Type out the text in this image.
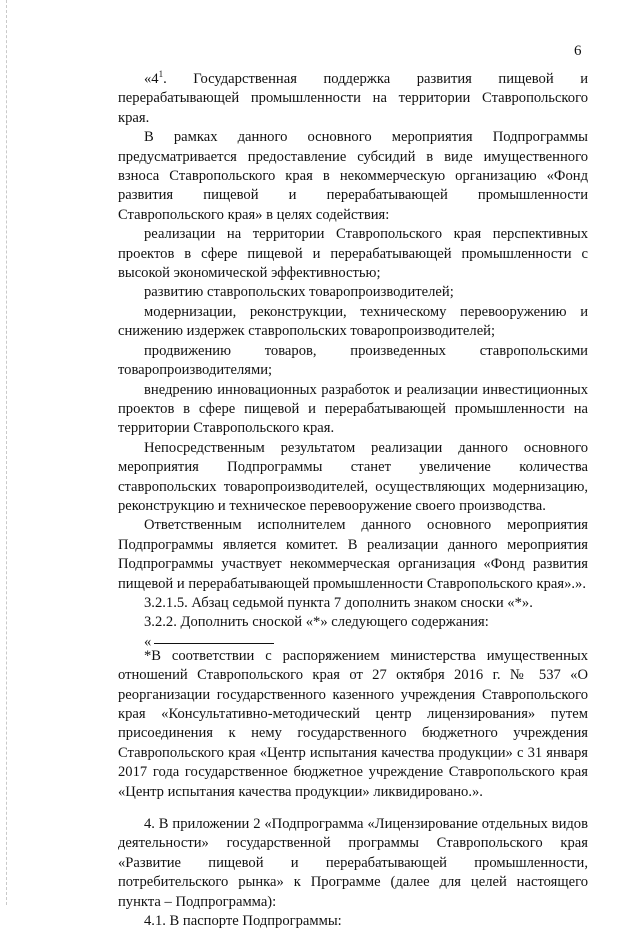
6

«$4^1$. Государственная поддержка развития пищевой и перерабатывающей промышленности на территории Ставропольского края.

В рамках данного основного мероприятия Подпрограммы предусматривается предоставление субсидий в виде имущественного взноса Ставропольского края в некоммерческую организацию «Фонд развития пищевой и перерабатывающей промышленности Ставропольского края» в целях содействия:

реализации на территории Ставропольского края перспективных проектов в сфере пищевой и перерабатывающей промышленности с высокой экономической эффективностью;

развитию ставропольских товаропроизводителей;

модернизации, реконструкции, техническому перевооружению и снижению издержек ставропольских товаропроизводителей;

продвижению товаров, произведенных ставропольскими товаропроизводителями;

внедрению инновационных разработок и реализации инвестиционных проектов в сфере пищевой и перерабатывающей промышленности на территории Ставропольского края.

Непосредственным результатом реализации данного основного мероприятия Подпрограммы станет увеличение количества ставропольских товаропроизводителей, осуществляющих модернизацию, реконструкцию и техническое перевооружение своего производства.

Ответственным исполнителем данного основного мероприятия Подпрограммы является комитет. В реализации данного мероприятия Подпрограммы участвует некоммерческая организация «Фонд развития пищевой и перерабатывающей промышленности Ставропольского края».».

3.2.1.5. Абзац седьмой пункта 7 дополнить знаком сноски «*».

3.2.2. Дополнить сноской «*» следующего содержания:

«

*В соответствии с распоряжением министерства имущественных отношений Ставропольского края от 27 октября 2016 г. № 537 «О реорганизации государственного казенного учреждения Ставропольского края «Консультативно-методический центр лицензирования» путем присоединения к нему государственного бюджетного учреждения Ставропольского края «Центр испытания качества продукции» с 31 января 2017 года государственное бюджетное учреждение Ставропольского края «Центр испытания качества продукции» ликвидировано.».

4. В приложении 2 «Подпрограмма «Лицензирование отдельных видов деятельности» государственной программы Ставропольского края «Развитие пищевой и перерабатывающей промышленности, потребительского рынка» к Программе (далее для целей настоящего пункта – Подпрограмма):

4.1. В паспорте Подпрограммы:
